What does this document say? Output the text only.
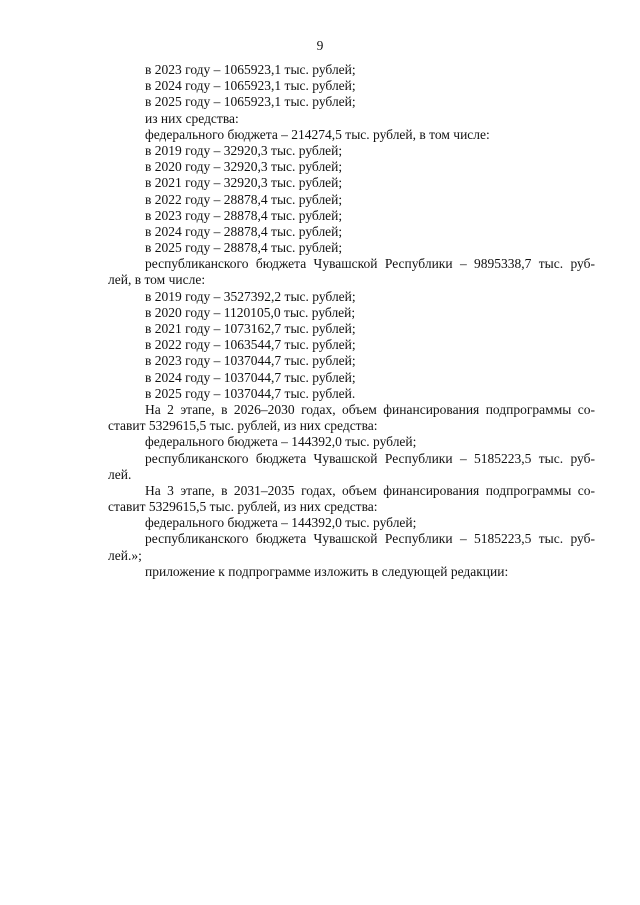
9
в 2023 году – 1065923,1 тыс. рублей;
в 2024 году – 1065923,1 тыс. рублей;
в 2025 году – 1065923,1 тыс. рублей;
из них средства:
федерального бюджета – 214274,5 тыс. рублей, в том числе:
в 2019 году – 32920,3 тыс. рублей;
в 2020 году – 32920,3 тыс. рублей;
в 2021 году – 32920,3 тыс. рублей;
в 2022 году – 28878,4 тыс. рублей;
в 2023 году – 28878,4 тыс. рублей;
в 2024 году – 28878,4 тыс. рублей;
в 2025 году – 28878,4 тыс. рублей;
республиканского бюджета Чувашской Республики – 9895338,7 тыс. руб-
лей, в том числе:
в 2019 году – 3527392,2 тыс. рублей;
в 2020 году – 1120105,0 тыс. рублей;
в 2021 году – 1073162,7 тыс. рублей;
в 2022 году – 1063544,7 тыс. рублей;
в 2023 году – 1037044,7 тыс. рублей;
в 2024 году – 1037044,7 тыс. рублей;
в 2025 году – 1037044,7 тыс. рублей.
На 2 этапе, в 2026–2030 годах, объем финансирования подпрограммы со-
ставит 5329615,5 тыс. рублей, из них средства:
федерального бюджета – 144392,0 тыс. рублей;
республиканского бюджета Чувашской Республики – 5185223,5 тыс. руб-
лей.
На 3 этапе, в 2031–2035 годах, объем финансирования подпрограммы со-
ставит 5329615,5 тыс. рублей, из них средства:
федерального бюджета – 144392,0 тыс. рублей;
республиканского бюджета Чувашской Республики – 5185223,5 тыс. руб-
лей.»;
приложение к подпрограмме изложить в следующей редакции:
